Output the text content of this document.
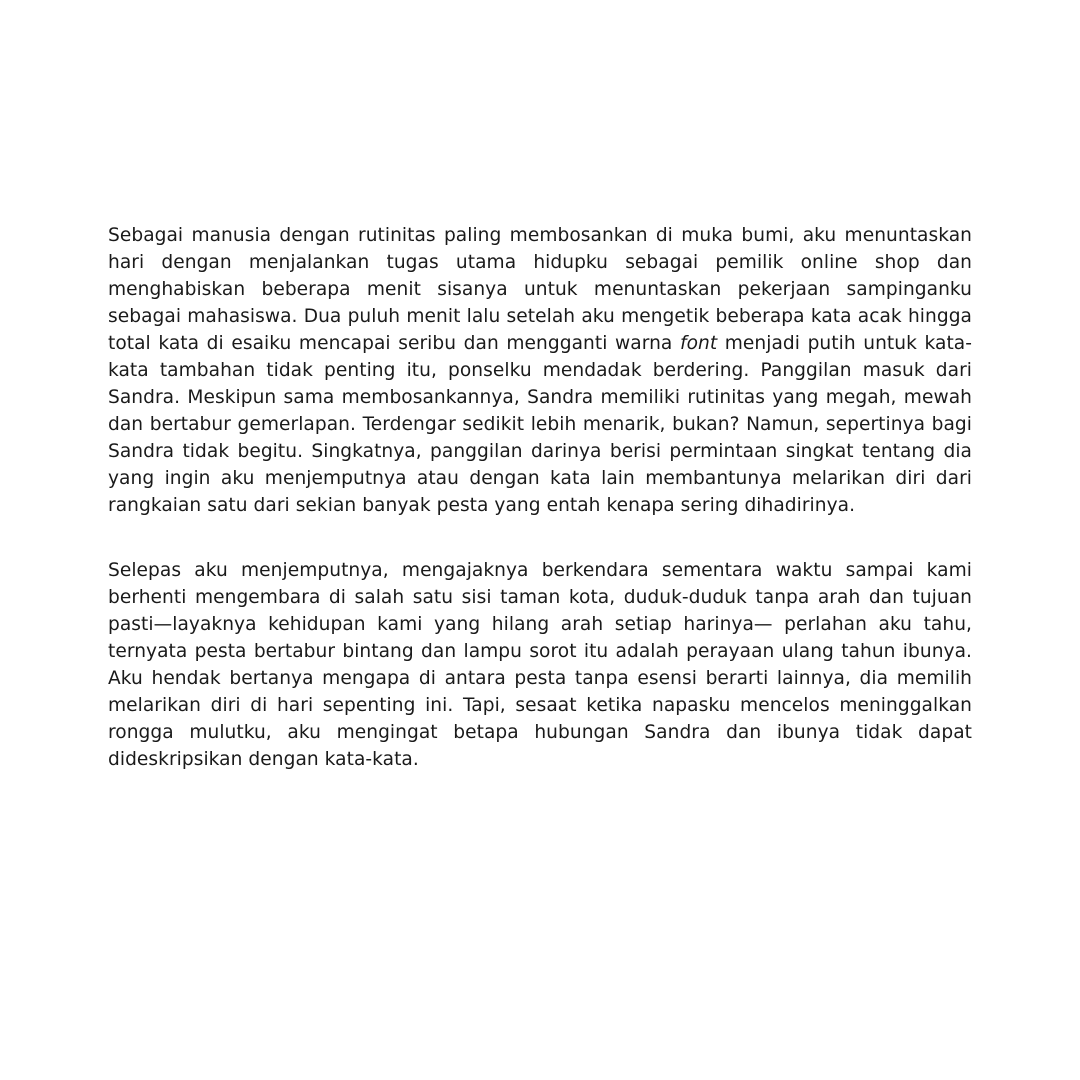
Sebagai manusia dengan rutinitas paling membosankan di muka bumi, aku menuntaskan hari dengan menjalankan tugas utama hidupku sebagai pemilik online shop dan menghabiskan beberapa menit sisanya untuk menuntaskan pekerjaan sampinganku sebagai mahasiswa. Dua puluh menit lalu setelah aku mengetik beberapa kata acak hingga total kata di esaiku mencapai seribu dan mengganti warna font menjadi putih untuk kata-kata tambahan tidak penting itu, ponselku mendadak berdering. Panggilan masuk dari Sandra. Meskipun sama membosankannya, Sandra memiliki rutinitas yang megah, mewah dan bertabur gemerlapan. Terdengar sedikit lebih menarik, bukan? Namun, sepertinya bagi Sandra tidak begitu. Singkatnya, panggilan darinya berisi permintaan singkat tentang dia yang ingin aku menjemputnya atau dengan kata lain membantunya melarikan diri dari rangkaian satu dari sekian banyak pesta yang entah kenapa sering dihadirinya.

Selepas aku menjemputnya, mengajaknya berkendara sementara waktu sampai kami berhenti mengembara di salah satu sisi taman kota, duduk-duduk tanpa arah dan tujuan pasti—layaknya kehidupan kami yang hilang arah setiap harinya— perlahan aku tahu, ternyata pesta bertabur bintang dan lampu sorot itu adalah perayaan ulang tahun ibunya. Aku hendak bertanya mengapa di antara pesta tanpa esensi berarti lainnya, dia memilih melarikan diri di hari sepenting ini. Tapi, sesaat ketika napasku mencelos meninggalkan rongga mulutku, aku mengingat betapa hubungan Sandra dan ibunya tidak dapat dideskripsikan dengan kata-kata.
